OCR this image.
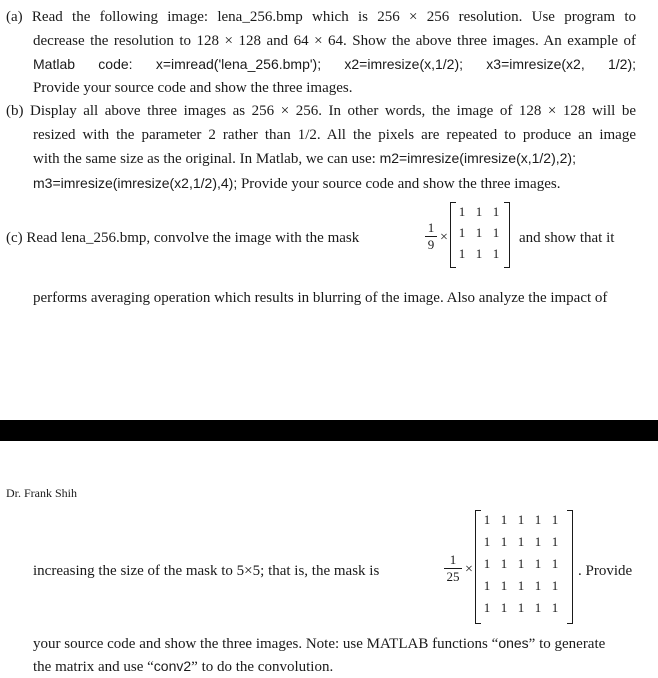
(a) Read the following image: lena_256.bmp which is 256 × 256 resolution. Use program to
decrease the resolution to 128 × 128 and 64 × 64. Show the above three images. An example of
Matlab code: x=imread('lena_256.bmp'); x2=imresize(x,1/2); x3=imresize(x2, 1/2);
Provide your source code and show the three images.
(b) Display all above three images as 256 × 256. In other words, the image of 128 × 128 will be
resized with the parameter 2 rather than 1/2. All the pixels are repeated to produce an image
with the same size as the original. In Matlab, we can use: m2=imresize(imresize(x,1/2),2);
m3=imresize(imresize(x2,1/2),4); Provide your source code and show the three images.
(c) Read lena_256.bmp, convolve the image with the mask
1
9 ×
1 1 1
1 1 1
1 1 1
and show that it
performs averaging operation which results in blurring of the image. Also analyze the impact of
Dr. Frank Shih
increasing the size of the mask to 5×5; that is, the mask is
1
25 ×
1 1 1 1 1
1 1 1 1 1
1 1 1 1 1
1 1 1 1 1
1 1 1 1 1
. Provide
your source code and show the three images. Note: use MATLAB functions “ones” to generate
the matrix and use “conv2” to do the convolution.
